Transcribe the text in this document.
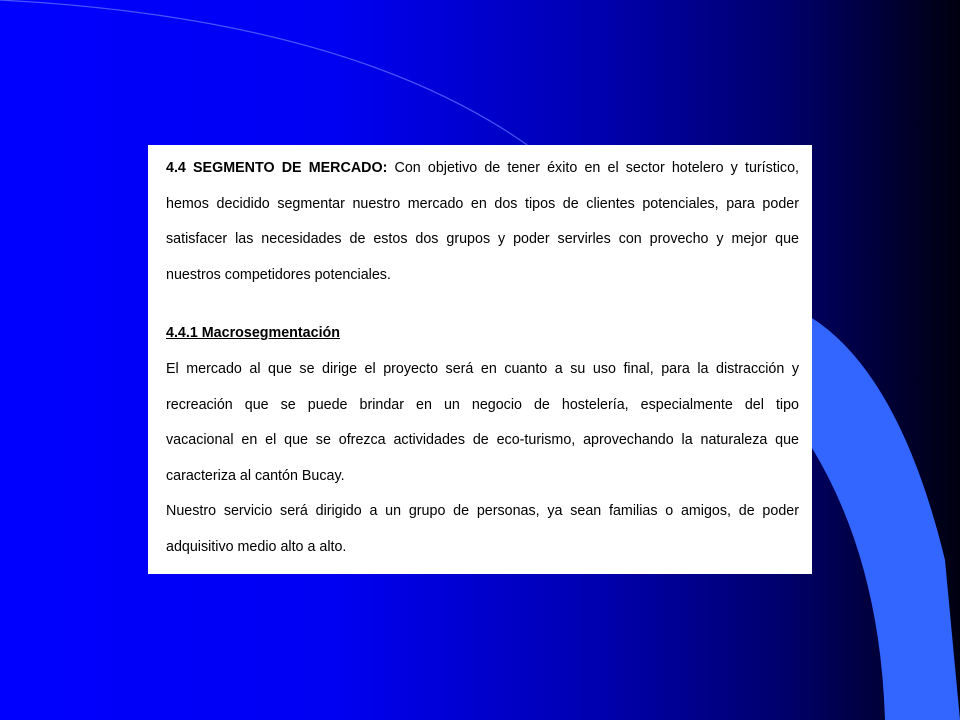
4.4 SEGMENTO DE MERCADO: Con objetivo de tener éxito en el sector hotelero y turístico,

hemos decidido segmentar nuestro mercado en dos tipos de clientes potenciales, para poder

satisfacer las necesidades de estos dos grupos y poder servirles con provecho y mejor que

nuestros competidores potenciales.

4.4.1 Macrosegmentación

El mercado al que se dirige el proyecto será en cuanto a su uso final, para la distracción y

recreación que se puede brindar en un negocio de hostelería, especialmente del tipo

vacacional en el que se ofrezca actividades de eco-turismo, aprovechando la naturaleza que

caracteriza al cantón Bucay.

Nuestro servicio será dirigido a un grupo de personas, ya sean familias o amigos, de poder

adquisitivo medio alto a alto.
